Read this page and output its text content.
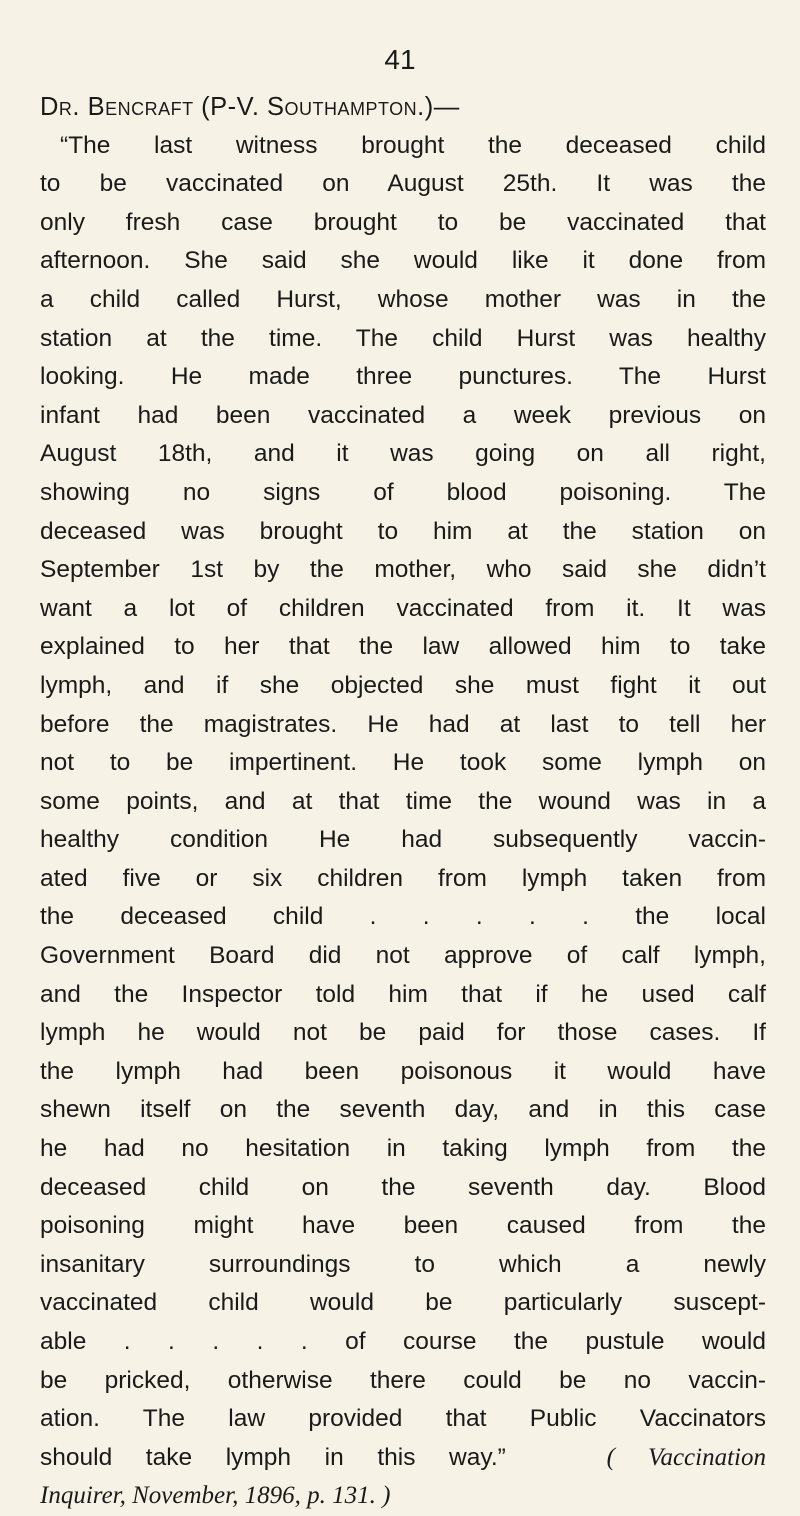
41
Dr. Bencraft (P-V. Southampton.)—
“The last witness brought the deceased child
to be vaccinated on August 25th. It was the
only fresh case brought to be vaccinated that
afternoon. She said she would like it done from
a child called Hurst, whose mother was in the
station at the time. The child Hurst was healthy
looking. He made three punctures. The Hurst
infant had been vaccinated a week previous on
August 18th, and it was going on all right,
showing no signs of blood poisoning. The
deceased was brought to him at the station on
September 1st by the mother, who said she didn’t
want a lot of children vaccinated from it. It was
explained to her that the law allowed him to take
lymph, and if she objected she must fight it out
before the magistrates. He had at last to tell her
not to be impertinent. He took some lymph on
some points, and at that time the wound was in a
healthy condition He had subsequently vaccin-
ated five or six children from lymph taken from
the deceased child . . . . . the local
Government Board did not approve of calf lymph,
and the Inspector told him that if he used calf
lymph he would not be paid for those cases. If
the lymph had been poisonous it would have
shewn itself on the seventh day, and in this case
he had no hesitation in taking lymph from the
deceased child on the seventh day. Blood
poisoning might have been caused from the
insanitary surroundings to which a newly
vaccinated child would be particularly suscept-
able . . . . . of course the pustule would
be pricked, otherwise there could be no vaccin-
ation. The law provided that Public Vaccinators
should take lymph in this way.”	( Vaccination
Inquirer, November, 1896, p. 131. )
